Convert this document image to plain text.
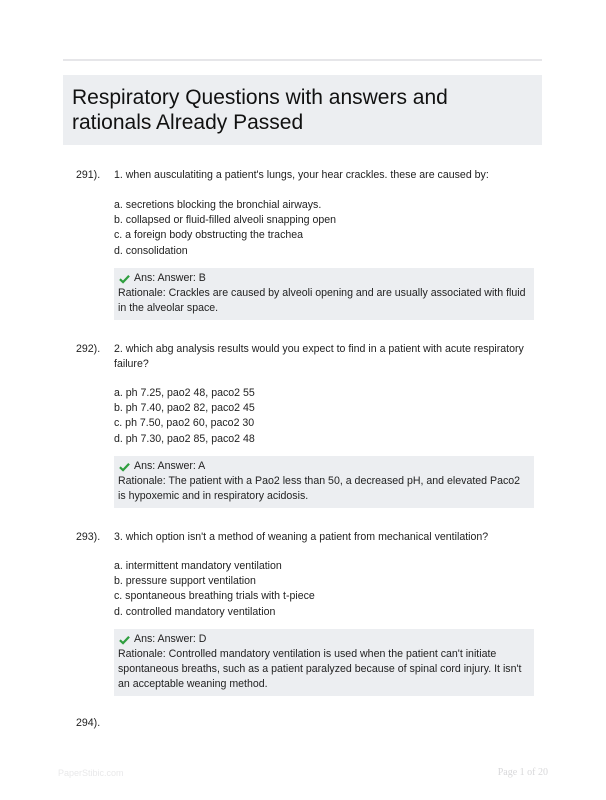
Respiratory Questions with answers and rationals Already Passed
291). 1. when ausculatiting a patient's lungs, your hear crackles. these are caused by:
a. secretions blocking the bronchial airways.
b. collapsed or fluid-filled alveoli snapping open
c. a foreign body obstructing the trachea
d. consolidation
Ans: Answer: B
Rationale: Crackles are caused by alveoli opening and are usually associated with fluid in the alveolar space.
292). 2. which abg analysis results would you expect to find in a patient with acute respiratory failure?
a. ph 7.25, pao2 48, paco2 55
b. ph 7.40, pao2 82, paco2 45
c. ph 7.50, pao2 60, paco2 30
d. ph 7.30, pao2 85, paco2 48
Ans: Answer: A
Rationale: The patient with a Pao2 less than 50, a decreased pH, and elevated Paco2 is hypoxemic and in respiratory acidosis.
293). 3. which option isn't a method of weaning a patient from mechanical ventilation?
a. intermittent mandatory ventilation
b. pressure support ventilation
c. spontaneous breathing trials with t-piece
d. controlled mandatory ventilation
Ans: Answer: D
Rationale: Controlled mandatory ventilation is used when the patient can't initiate spontaneous breaths, such as a patient paralyzed because of spinal cord injury. It isn't an acceptable weaning method.
294).
PaperStibic.com	Page 1 of 20
